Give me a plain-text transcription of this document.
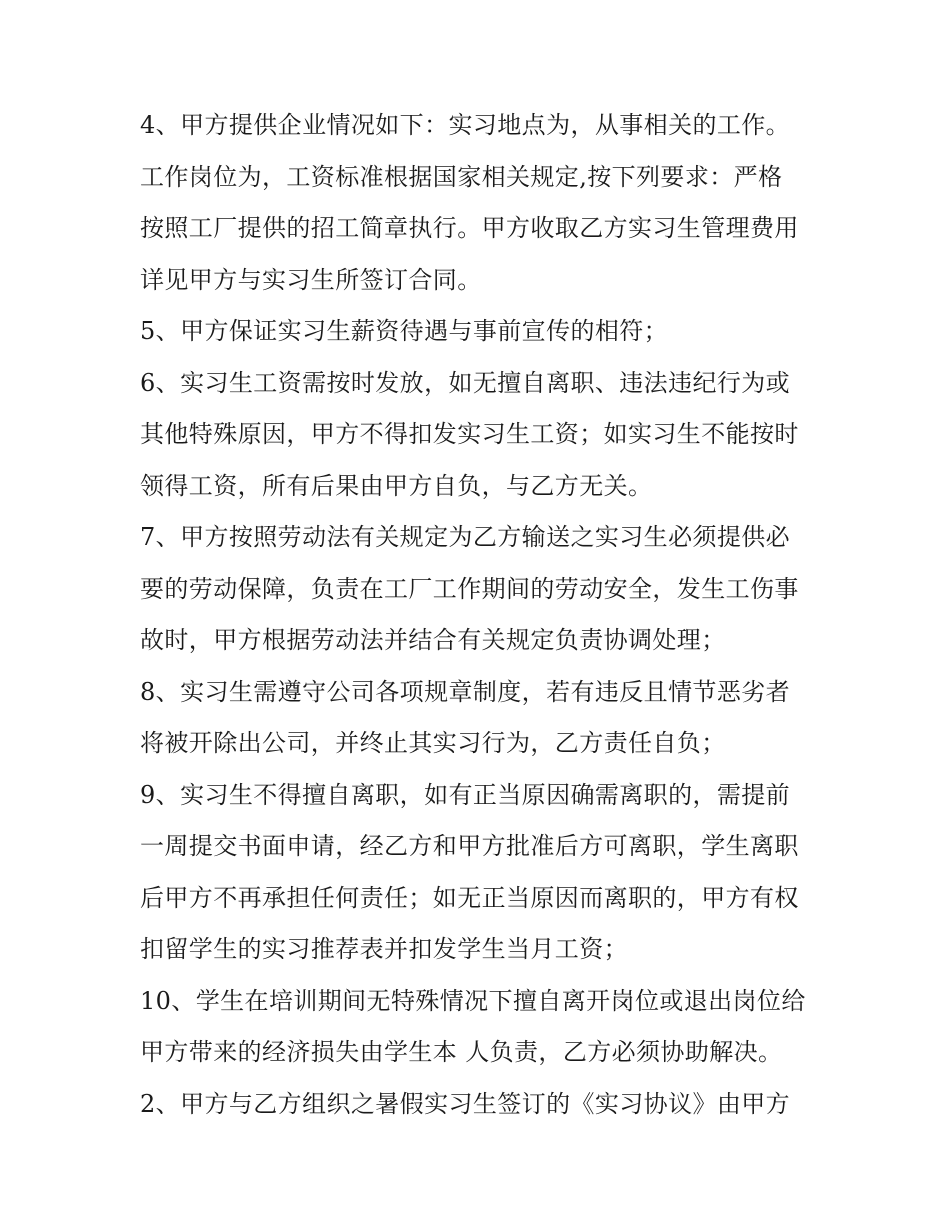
4、甲方提供企业情况如下：实习地点为，从事相关的工作。
工作岗位为，工资标准根据国家相关规定,按下列要求：严格
按照工厂提供的招工简章执行。甲方收取乙方实习生管理费用
详见甲方与实习生所签订合同。
5、甲方保证实习生薪资待遇与事前宣传的相符；
6、实习生工资需按时发放，如无擅自离职、违法违纪行为或
其他特殊原因，甲方不得扣发实习生工资；如实习生不能按时
领得工资，所有后果由甲方自负，与乙方无关。
7、甲方按照劳动法有关规定为乙方输送之实习生必须提供必
要的劳动保障，负责在工厂工作期间的劳动安全，发生工伤事
故时，甲方根据劳动法并结合有关规定负责协调处理；
8、实习生需遵守公司各项规章制度，若有违反且情节恶劣者
将被开除出公司，并终止其实习行为，乙方责任自负；
9、实习生不得擅自离职，如有正当原因确需离职的，需提前
一周提交书面申请，经乙方和甲方批准后方可离职，学生离职
后甲方不再承担任何责任；如无正当原因而离职的，甲方有权
扣留学生的实习推荐表并扣发学生当月工资；
10、学生在培训期间无特殊情况下擅自离开岗位或退出岗位给
甲方带来的经济损失由学生本 人负责，乙方必须协助解决。
2、甲方与乙方组织之暑假实习生签订的《实习协议》由甲方
